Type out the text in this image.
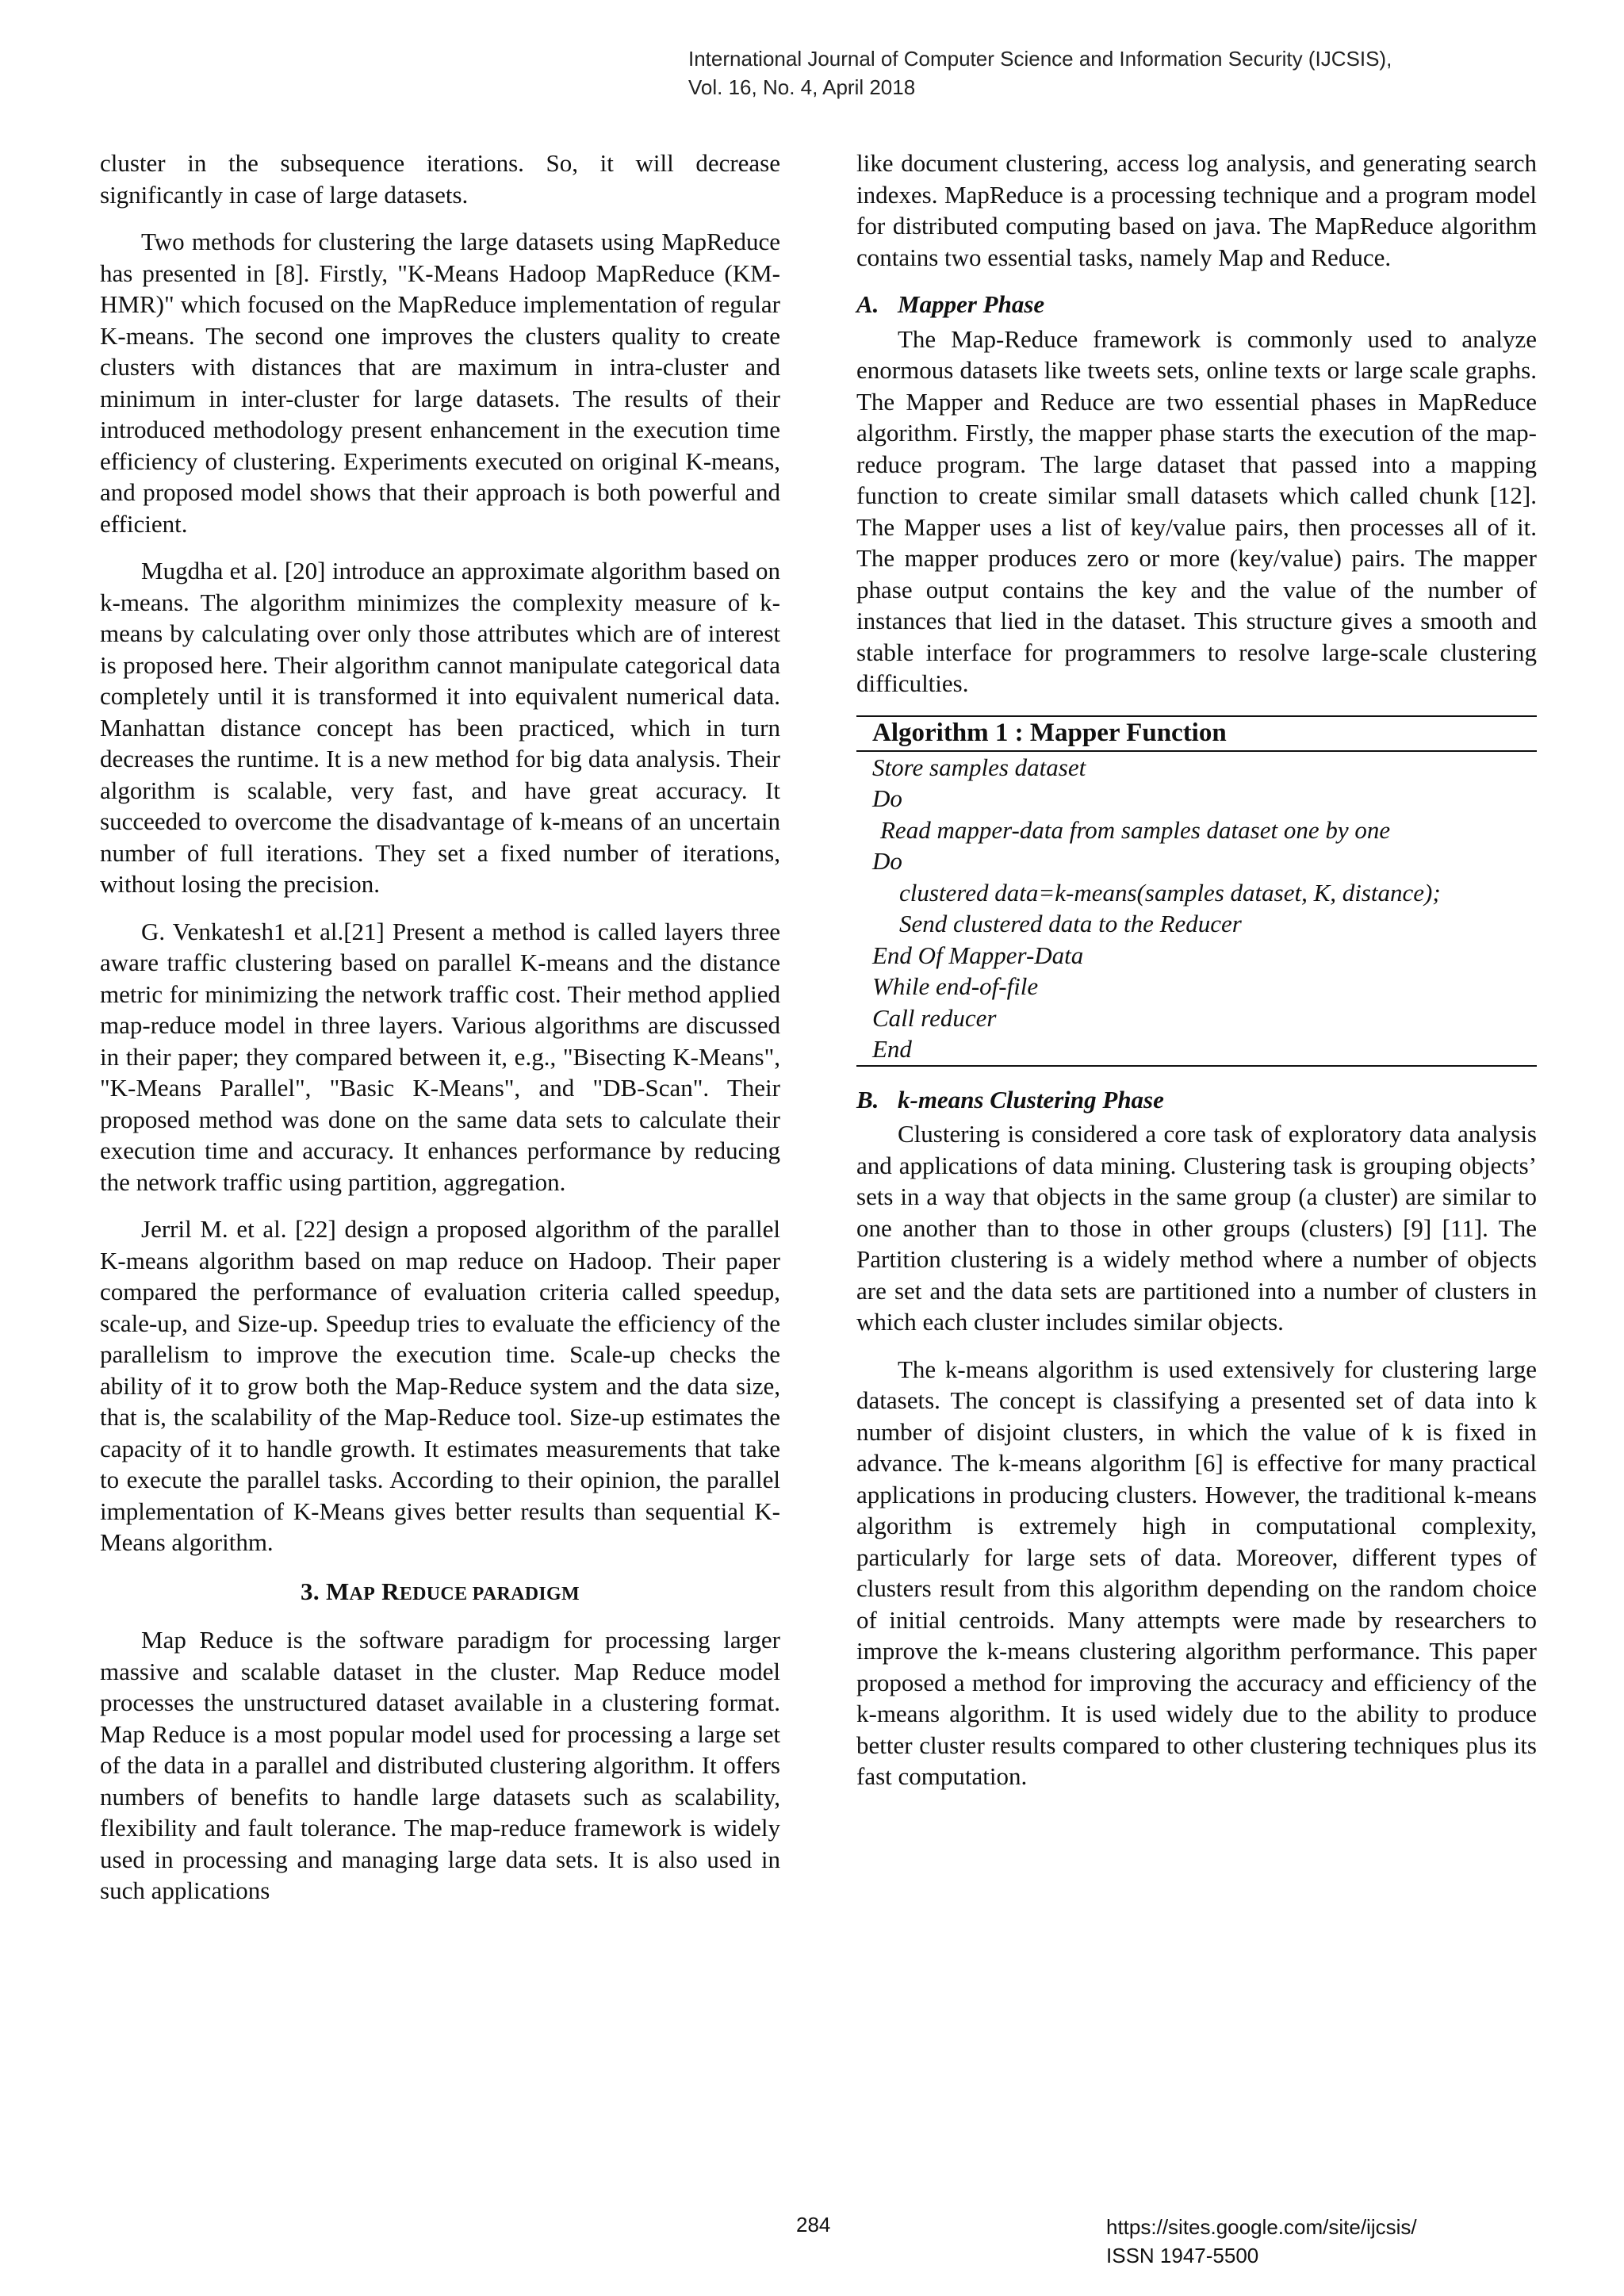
International Journal of Computer Science and Information Security (IJCSIS),
Vol. 16, No. 4, April 2018

cluster in the subsequence iterations. So, it will decrease significantly in case of large datasets.

Two methods for clustering the large datasets using MapReduce has presented in [8]. Firstly, "K-Means Hadoop MapReduce (KM-HMR)" which focused on the MapReduce implementation of regular K-means. The second one improves the clusters quality to create clusters with distances that are maximum in intra-cluster and minimum in inter-cluster for large datasets. The results of their introduced methodology present enhancement in the execution time efficiency of clustering. Experiments executed on original K-means, and proposed model shows that their approach is both powerful and efficient.

Mugdha et al. [20] introduce an approximate algorithm based on k-means. The algorithm minimizes the complexity measure of k-means by calculating over only those attributes which are of interest is proposed here. Their algorithm cannot manipulate categorical data completely until it is transformed it into equivalent numerical data. Manhattan distance concept has been practiced, which in turn decreases the runtime. It is a new method for big data analysis. Their algorithm is scalable, very fast, and have great accuracy. It succeeded to overcome the disadvantage of k-means of an uncertain number of full iterations. They set a fixed number of iterations, without losing the precision.

G. Venkatesh1 et al.[21] Present a method is called layers three aware traffic clustering based on parallel K-means and the distance metric for minimizing the network traffic cost. Their method applied map-reduce model in three layers. Various algorithms are discussed in their paper; they compared between it, e.g., "Bisecting K-Means", "K-Means Parallel", "Basic K-Means", and "DB-Scan". Their proposed method was done on the same data sets to calculate their execution time and accuracy. It enhances performance by reducing the network traffic using partition, aggregation.

Jerril M. et al. [22] design a proposed algorithm of the parallel K-means algorithm based on map reduce on Hadoop. Their paper compared the performance of evaluation criteria called speedup, scale-up, and Size-up. Speedup tries to evaluate the efficiency of the parallelism to improve the execution time. Scale-up checks the ability of it to grow both the Map-Reduce system and the data size, that is, the scalability of the Map-Reduce tool. Size-up estimates the capacity of it to handle growth. It estimates measurements that take to execute the parallel tasks. According to their opinion, the parallel implementation of K-Means gives better results than sequential K-Means algorithm.

3. MAP REDUCE PARADIGM

Map Reduce is the software paradigm for processing larger massive and scalable dataset in the cluster. Map Reduce model processes the unstructured dataset available in a clustering format. Map Reduce is a most popular model used for processing a large set of the data in a parallel and distributed clustering algorithm. It offers numbers of benefits to handle large datasets such as scalability, flexibility and fault tolerance. The map-reduce framework is widely used in processing and managing large data sets. It is also used in such applications

like document clustering, access log analysis, and generating search indexes. MapReduce is a processing technique and a program model for distributed computing based on java. The MapReduce algorithm contains two essential tasks, namely Map and Reduce.

A. Mapper Phase

The Map-Reduce framework is commonly used to analyze enormous datasets like tweets sets, online texts or large scale graphs. The Mapper and Reduce are two essential phases in MapReduce algorithm. Firstly, the mapper phase starts the execution of the map-reduce program. The large dataset that passed into a mapping function to create similar small datasets which called chunk [12]. The Mapper uses a list of key/value pairs, then processes all of it. The mapper produces zero or more (key/value) pairs. The mapper phase output contains the key and the value of the number of instances that lied in the dataset. This structure gives a smooth and stable interface for programmers to resolve large-scale clustering difficulties.

Algorithm 1 : Mapper Function
Store samples dataset
Do
Read mapper-data from samples dataset one by one
Do
clustered data=k-means(samples dataset, K, distance);
Send clustered data to the Reducer
End Of Mapper-Data
While end-of-file
Call reducer
End
B. k-means Clustering Phase

Clustering is considered a core task of exploratory data analysis and applications of data mining. Clustering task is grouping objects’ sets in a way that objects in the same group (a cluster) are similar to one another than to those in other groups (clusters) [9] [11]. The Partition clustering is a widely method where a number of objects are set and the data sets are partitioned into a number of clusters in which each cluster includes similar objects.

The k-means algorithm is used extensively for clustering large datasets. The concept is classifying a presented set of data into k number of disjoint clusters, in which the value of k is fixed in advance. The k-means algorithm [6] is effective for many practical applications in producing clusters. However, the traditional k-means algorithm is extremely high in computational complexity, particularly for large sets of data. Moreover, different types of clusters result from this algorithm depending on the random choice of initial centroids. Many attempts were made by researchers to improve the k-means clustering algorithm performance. This paper proposed a method for improving the accuracy and efficiency of the k-means algorithm. It is used widely due to the ability to produce better cluster results compared to other clustering techniques plus its fast computation.

284	https://sites.google.com/site/ijcsis/
ISSN 1947-5500
